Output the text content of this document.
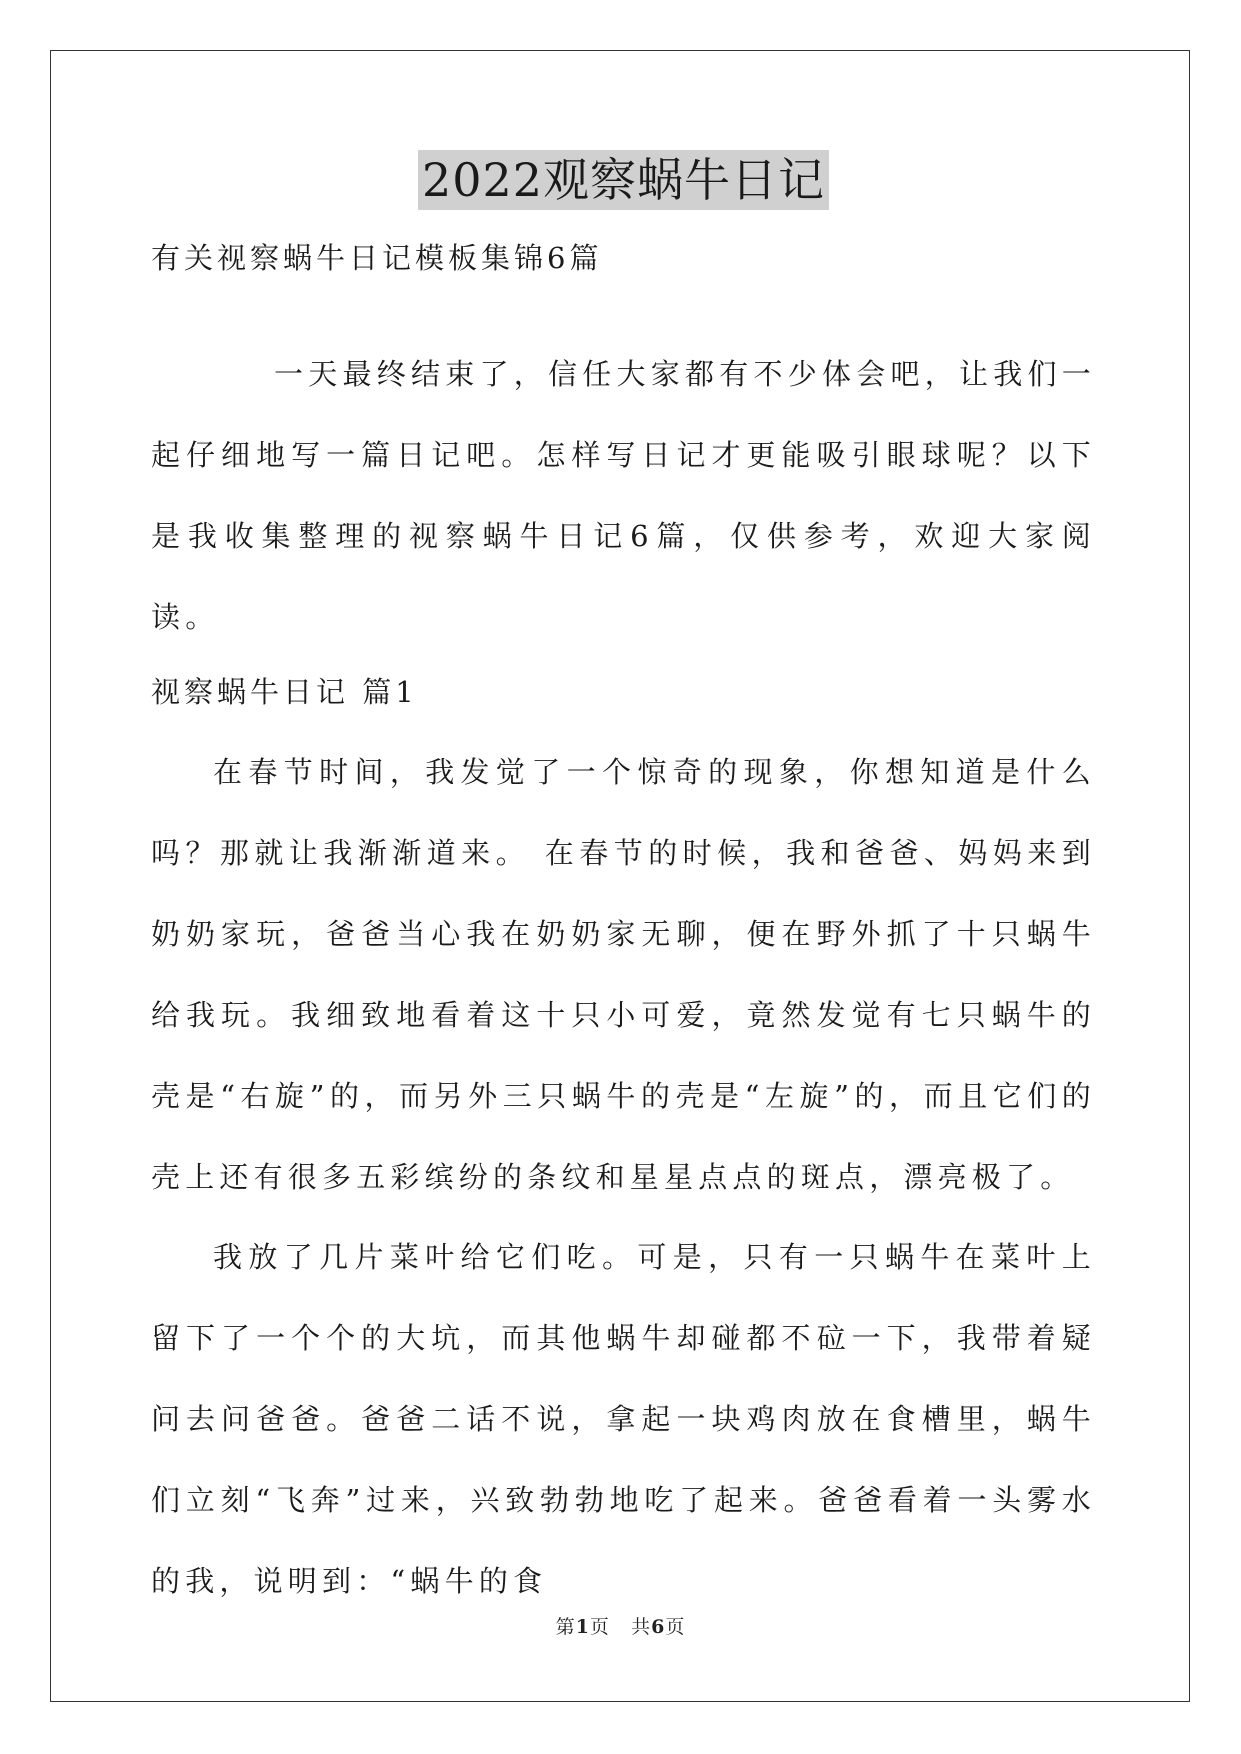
2022观察蜗牛日记
有关视察蜗牛日记模板集锦6篇
一天最终结束了，信任大家都有不少体会吧，让我们一起仔细地写一篇日记吧。怎样写日记才更能吸引眼球呢？以下是我收集整理的视察蜗牛日记6篇，仅供参考，欢迎大家阅读。
视察蜗牛日记 篇1
在春节时间，我发觉了一个惊奇的现象，你想知道是什么吗？那就让我渐渐道来。 在春节的时候，我和爸爸、妈妈来到奶奶家玩，爸爸当心我在奶奶家无聊，便在野外抓了十只蜗牛给我玩。我细致地看着这十只小可爱，竟然发觉有七只蜗牛的壳是“右旋”的，而另外三只蜗牛的壳是“左旋”的，而且它们的壳上还有很多五彩缤纷的条纹和星星点点的斑点，漂亮极了。
我放了几片菜叶给它们吃。可是，只有一只蜗牛在菜叶上留下了一个个的大坑，而其他蜗牛却碰都不砬一下，我带着疑问去问爸爸。爸爸二话不说，拿起一块鸡肉放在食槽里，蜗牛们立刻“飞奔”过来，兴致勃勃地吃了起来。爸爸看着一头雾水的我，说明到：“蜗牛的食
第1页 共6页
